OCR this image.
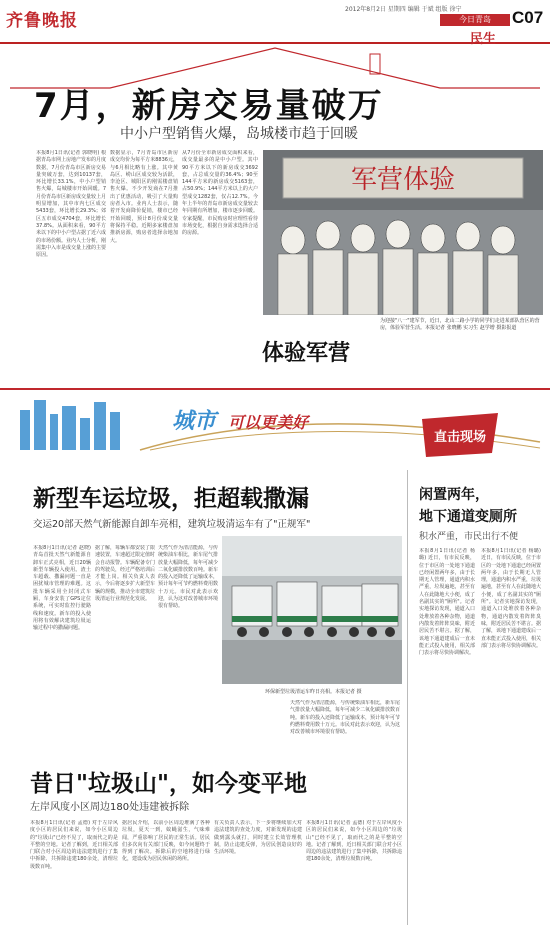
齐鲁晚报
2012年8月2日 星期四 编辑 于斌 组版 徐宁
今日青岛
民生
C07
7月，新房交易量破万
中小户型销售火爆，岛城楼市趋于回暖
本报8月1日讯(记者 郭晓明) 根据青岛市网上房地产发布的月度数据，7月份青岛市区新房交易量突破万套，达到10137套，环比增长33.1%，中小户型销售火爆，岛城楼市开始回暖。7月份青岛市区新房成交量较上月明显增加，其中市内七区成交5433套，环比增长29.3%；郊区五市成交4704套，环比增长37.8%。从面积来看，90平方米以下的中小户型占据了近六成的市场份额。业内人士分析，刚需集中入市是成交量上涨的主要原因。
数据显示，7月青岛市区新房成交均价为每平方米8836元，与6月相比略有上涨。其中黄岛区、崂山区成交较为活跃，李沧区、城阳区的刚需楼盘销售火爆。不少开发商在7月推出了优惠活动，吸引了大量购房者入市。业内人士表示，随着开发商降价促销，楼市已经开始回暖，预计8月份成交量将保持平稳。近期多家楼盘加推新房源，购房者选择余地加大。
从7月份全市新房成交面积来看，成交量最多的是中小户型。其中90平方米以下的新房成交3692套，占总成交量的36.4%；90至144平方米的新房成交5163套，占50.9%；144平方米以上的大户型成交1282套，仅占12.7%。今年上半年的青岛市新房成交量较去年同期有所增加，楼市逐步回暖。专家提醒，市民购房时应理性看待市场变化，根据自身需求选择合适的房源。
军营体验
为迎接"八一"建军节，近日，北山二路小学的同学们走进某部队营区的营房，体验军营生活。本报记者 张晓鹏 实习生 赵学增 摄影报道
体验军营
城市 可以更美好
直击现场
新型车运垃圾，拒超载撒漏
交运20部天然气新能源自卸车亮相，建筑垃圾清运车有了"正规军"
本报8月1日讯(记者 赵晓) 青岛首批天然气新能源自卸车正式亮相，近日20辆新型车辆投入使用。渣土车超载、撒漏问题一直是困扰城市管理的难题。这批车辆采用全封闭式车厢，车身安装了GPS定位系统，可实时监控行驶路线和速度。新车的投入使用将有效解决建筑垃圾运输过程中的撒漏问题。
据了解，每辆车都安装了限速装置，车速超过限定值时会自动报警。车辆配备专门的驾驶员，经过严格培训后才能上岗。相关负责人表示，今后将逐步扩大新型车辆的规模，推动全市建筑垃圾清运行业规范化发展。
天然气作为清洁能源，与传统柴油车相比，新车尾气排放量大幅降低，每年可减少二氧化碳排放数百吨。新车的投入还降低了运输成本，预计每年可节约燃料费用数十万元。市民对此表示欢迎，认为这对改善城市环境很有帮助。
环保新型垃圾清运车昨日亮相。本报记者 摄
天然气作为清洁能源，与传统柴油车相比，新车尾气排放量大幅降低，每年可减少二氧化碳排放数百吨。新车的投入还降低了运输成本，预计每年可节约燃料费用数十万元。市民对此表示欢迎，认为这对改善城市环境很有帮助。
闲置两年，
地下通道变厕所
积水严重，市民出行不便
本报8月1日讯(记者 杨璐) 近日，有市民反映，位于市区的一处地下通道已经闲置两年多，由于长期无人管理，通道内积水严重，垃圾遍地，甚至有人在此随地大小便，成了名副其实的"厕所"。记者实地探访发现，通道入口处堆放着各种杂物，通道内散发着阵阵臭味，附近居民苦不堪言。据了解，该地下通道建成后一直未能正式投入使用，相关部门表示将尽快协调解决。
本报8月1日讯(记者 杨璐) 近日，有市民反映，位于市区的一处地下通道已经闲置两年多，由于长期无人管理，通道内积水严重，垃圾遍地，甚至有人在此随地大小便，成了名副其实的"厕所"。记者实地探访发现，通道入口处堆放着各种杂物，通道内散发着阵阵臭味，附近居民苦不堪言。据了解，该地下通道建成后一直未能正式投入使用，相关部门表示将尽快协调解决。
昔日"垃圾山"，如今变平地
左岸风度小区周边180处违建被拆除
本报8月1日讯(记者 孟德) 对于左岸风度小区的居民们来说，如今小区周边的"垃圾山"已经不见了，取而代之的是平整的空地。记者了解到，近日相关部门联合对小区周边的违法建筑进行了集中拆除，共拆除违建180余处，清理垃圾数百吨。
据居民介绍，以前小区周边堆满了各种垃圾，夏天一到，蚊蝇滋生，气味难闻，严重影响了居民的正常生活。居民们多次向有关部门反映，如今问题终于得到了解决。拆除后的空地将进行绿化，建设成为居民休闲的场所。
有关负责人表示，下一步将继续加大对违法建筑的查处力度，对新发现的违建做到露头就打，同时建立长效管理机制，防止违建反弹，为居民创造良好的生活环境。
本报8月1日讯(记者 孟德) 对于左岸风度小区的居民们来说，如今小区周边的"垃圾山"已经不见了，取而代之的是平整的空地。记者了解到，近日相关部门联合对小区周边的违法建筑进行了集中拆除，共拆除违建180余处，清理垃圾数百吨。
